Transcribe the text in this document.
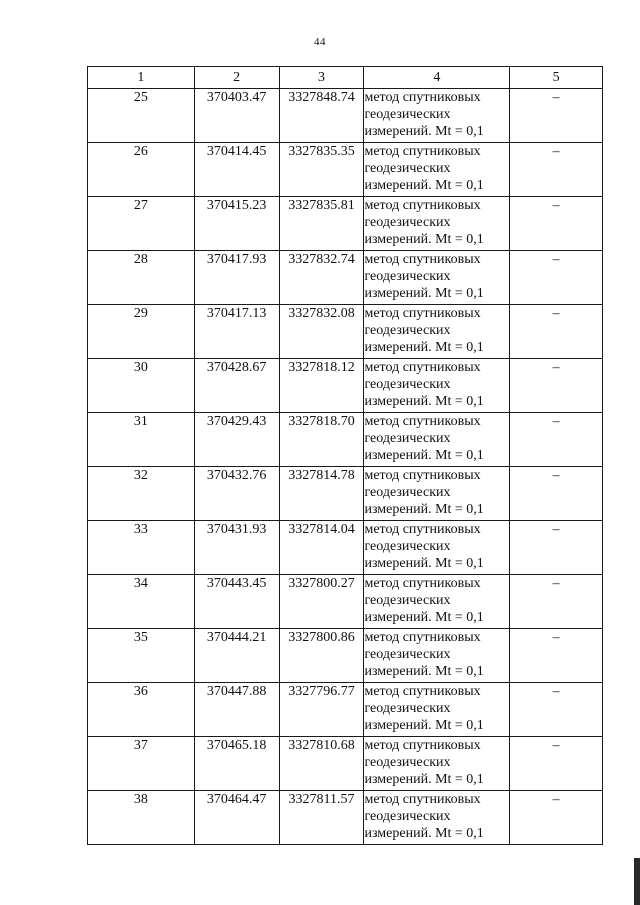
44
1	2	3	4	5
25	370403.47	3327848.74	метод спутниковых геодезических измерений. Mt = 0,1	–
26	370414.45	3327835.35	метод спутниковых геодезических измерений. Mt = 0,1	–
27	370415.23	3327835.81	метод спутниковых геодезических измерений. Mt = 0,1	–
28	370417.93	3327832.74	метод спутниковых геодезических измерений. Mt = 0,1	–
29	370417.13	3327832.08	метод спутниковых геодезических измерений. Mt = 0,1	–
30	370428.67	3327818.12	метод спутниковых геодезических измерений. Mt = 0,1	–
31	370429.43	3327818.70	метод спутниковых геодезических измерений. Mt = 0,1	–
32	370432.76	3327814.78	метод спутниковых геодезических измерений. Mt = 0,1	–
33	370431.93	3327814.04	метод спутниковых геодезических измерений. Mt = 0,1	–
34	370443.45	3327800.27	метод спутниковых геодезических измерений. Mt = 0,1	–
35	370444.21	3327800.86	метод спутниковых геодезических измерений. Mt = 0,1	–
36	370447.88	3327796.77	метод спутниковых геодезических измерений. Mt = 0,1	–
37	370465.18	3327810.68	метод спутниковых геодезических измерений. Mt = 0,1	–
38	370464.47	3327811.57	метод спутниковых геодезических измерений. Mt = 0,1	–
